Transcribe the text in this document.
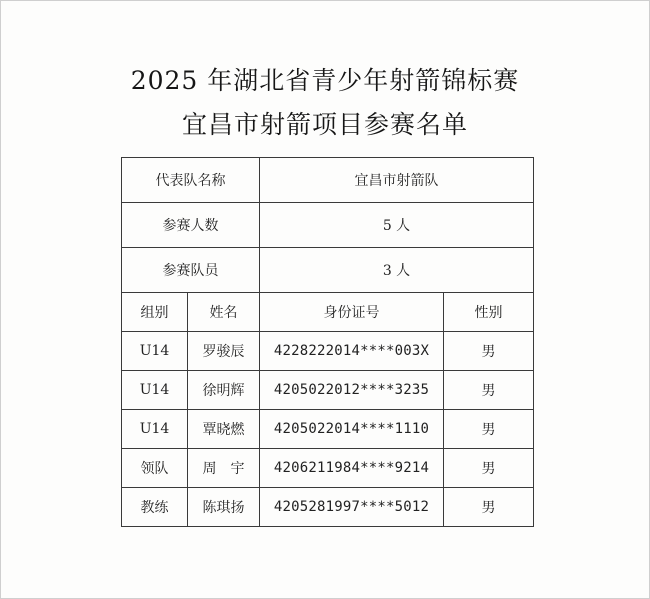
2025 年湖北省青少年射箭锦标赛
宜昌市射箭项目参赛名单
代表队名称		宜昌市射箭队	
参赛人数		5 人	
参赛队员		3 人	
组别	姓名	身份证号	性别
U14	罗骏辰	4228222014****003X	男
U14	徐明辉	4205022012****3235	男
U14	覃晓燃	4205022014****1110	男
领队	周　宇	4206211984****9214	男
教练	陈琪扬	4205281997****5012	男
